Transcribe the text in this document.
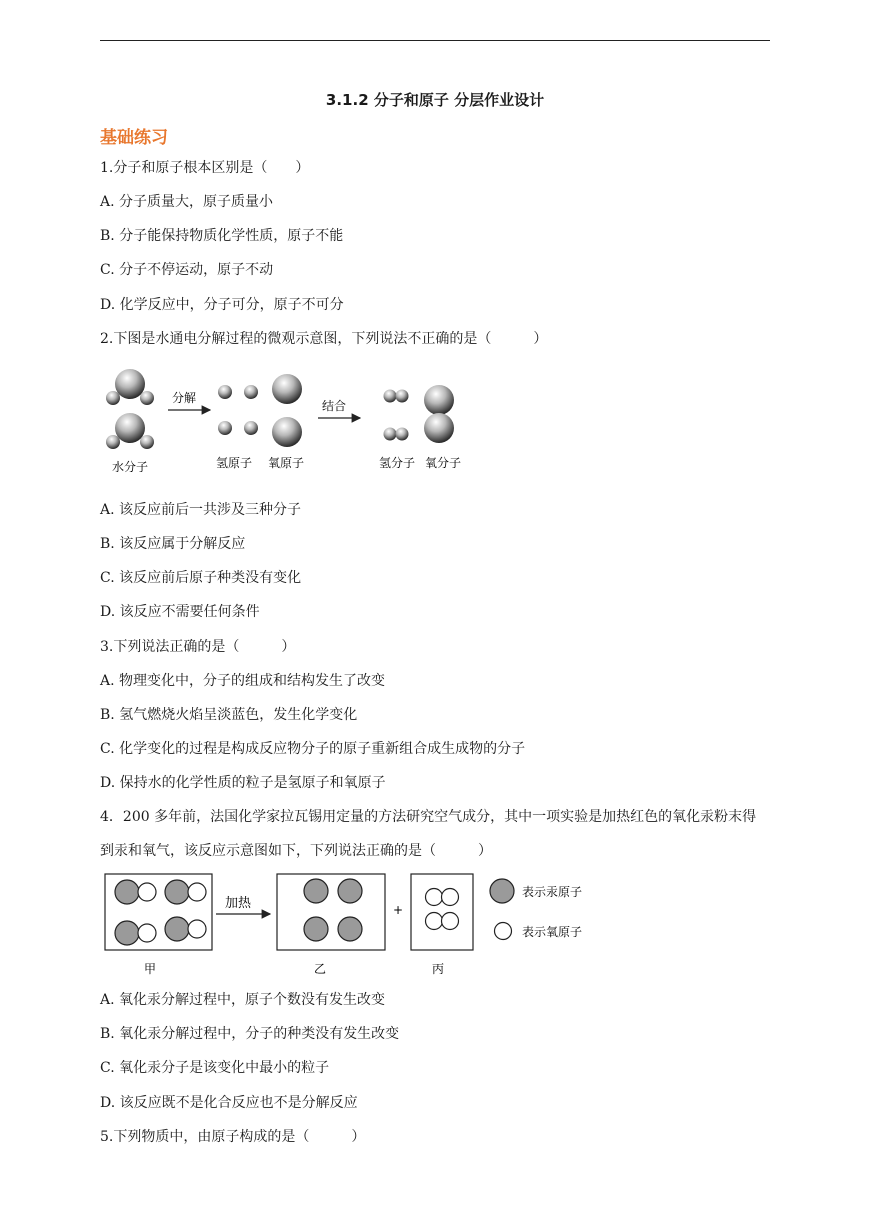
3.1.2 分子和原子 分层作业设计
基础练习
1.分子和原子根本区别是（　　）
A. 分子质量大，原子质量小
B. 分子能保持物质化学性质，原子不能
C. 分子不停运动，原子不动
D. 化学反应中，分子可分，原子不可分
2.下图是水通电分解过程的微观示意图，下列说法不正确的是（　　　）
水分子
分解
氢原子 氧原子
结合
氢分子 氧分子
A. 该反应前后一共涉及三种分子
B. 该反应属于分解反应
C. 该反应前后原子种类没有变化
D. 该反应不需要任何条件
3.下列说法正确的是（　　　）
A. 物理变化中，分子的组成和结构发生了改变
B. 氢气燃烧火焰呈淡蓝色，发生化学变化
C. 化学变化的过程是构成反应物分子的原子重新组合成生成物的分子
D. 保持水的化学性质的粒子是氢原子和氧原子
4．200 多年前，法国化学家拉瓦锡用定量的方法研究空气成分，其中一项实验是加热红色的氧化汞粉末得到汞和氧气，该反应示意图如下，下列说法正确的是（　　　）
甲
加热
乙
+
丙
表示汞原子
表示氧原子
A. 氧化汞分解过程中，原子个数没有发生改变
B. 氧化汞分解过程中，分子的种类没有发生改变
C. 氧化汞分子是该变化中最小的粒子
D. 该反应既不是化合反应也不是分解反应
5.下列物质中，由原子构成的是（　　　）
